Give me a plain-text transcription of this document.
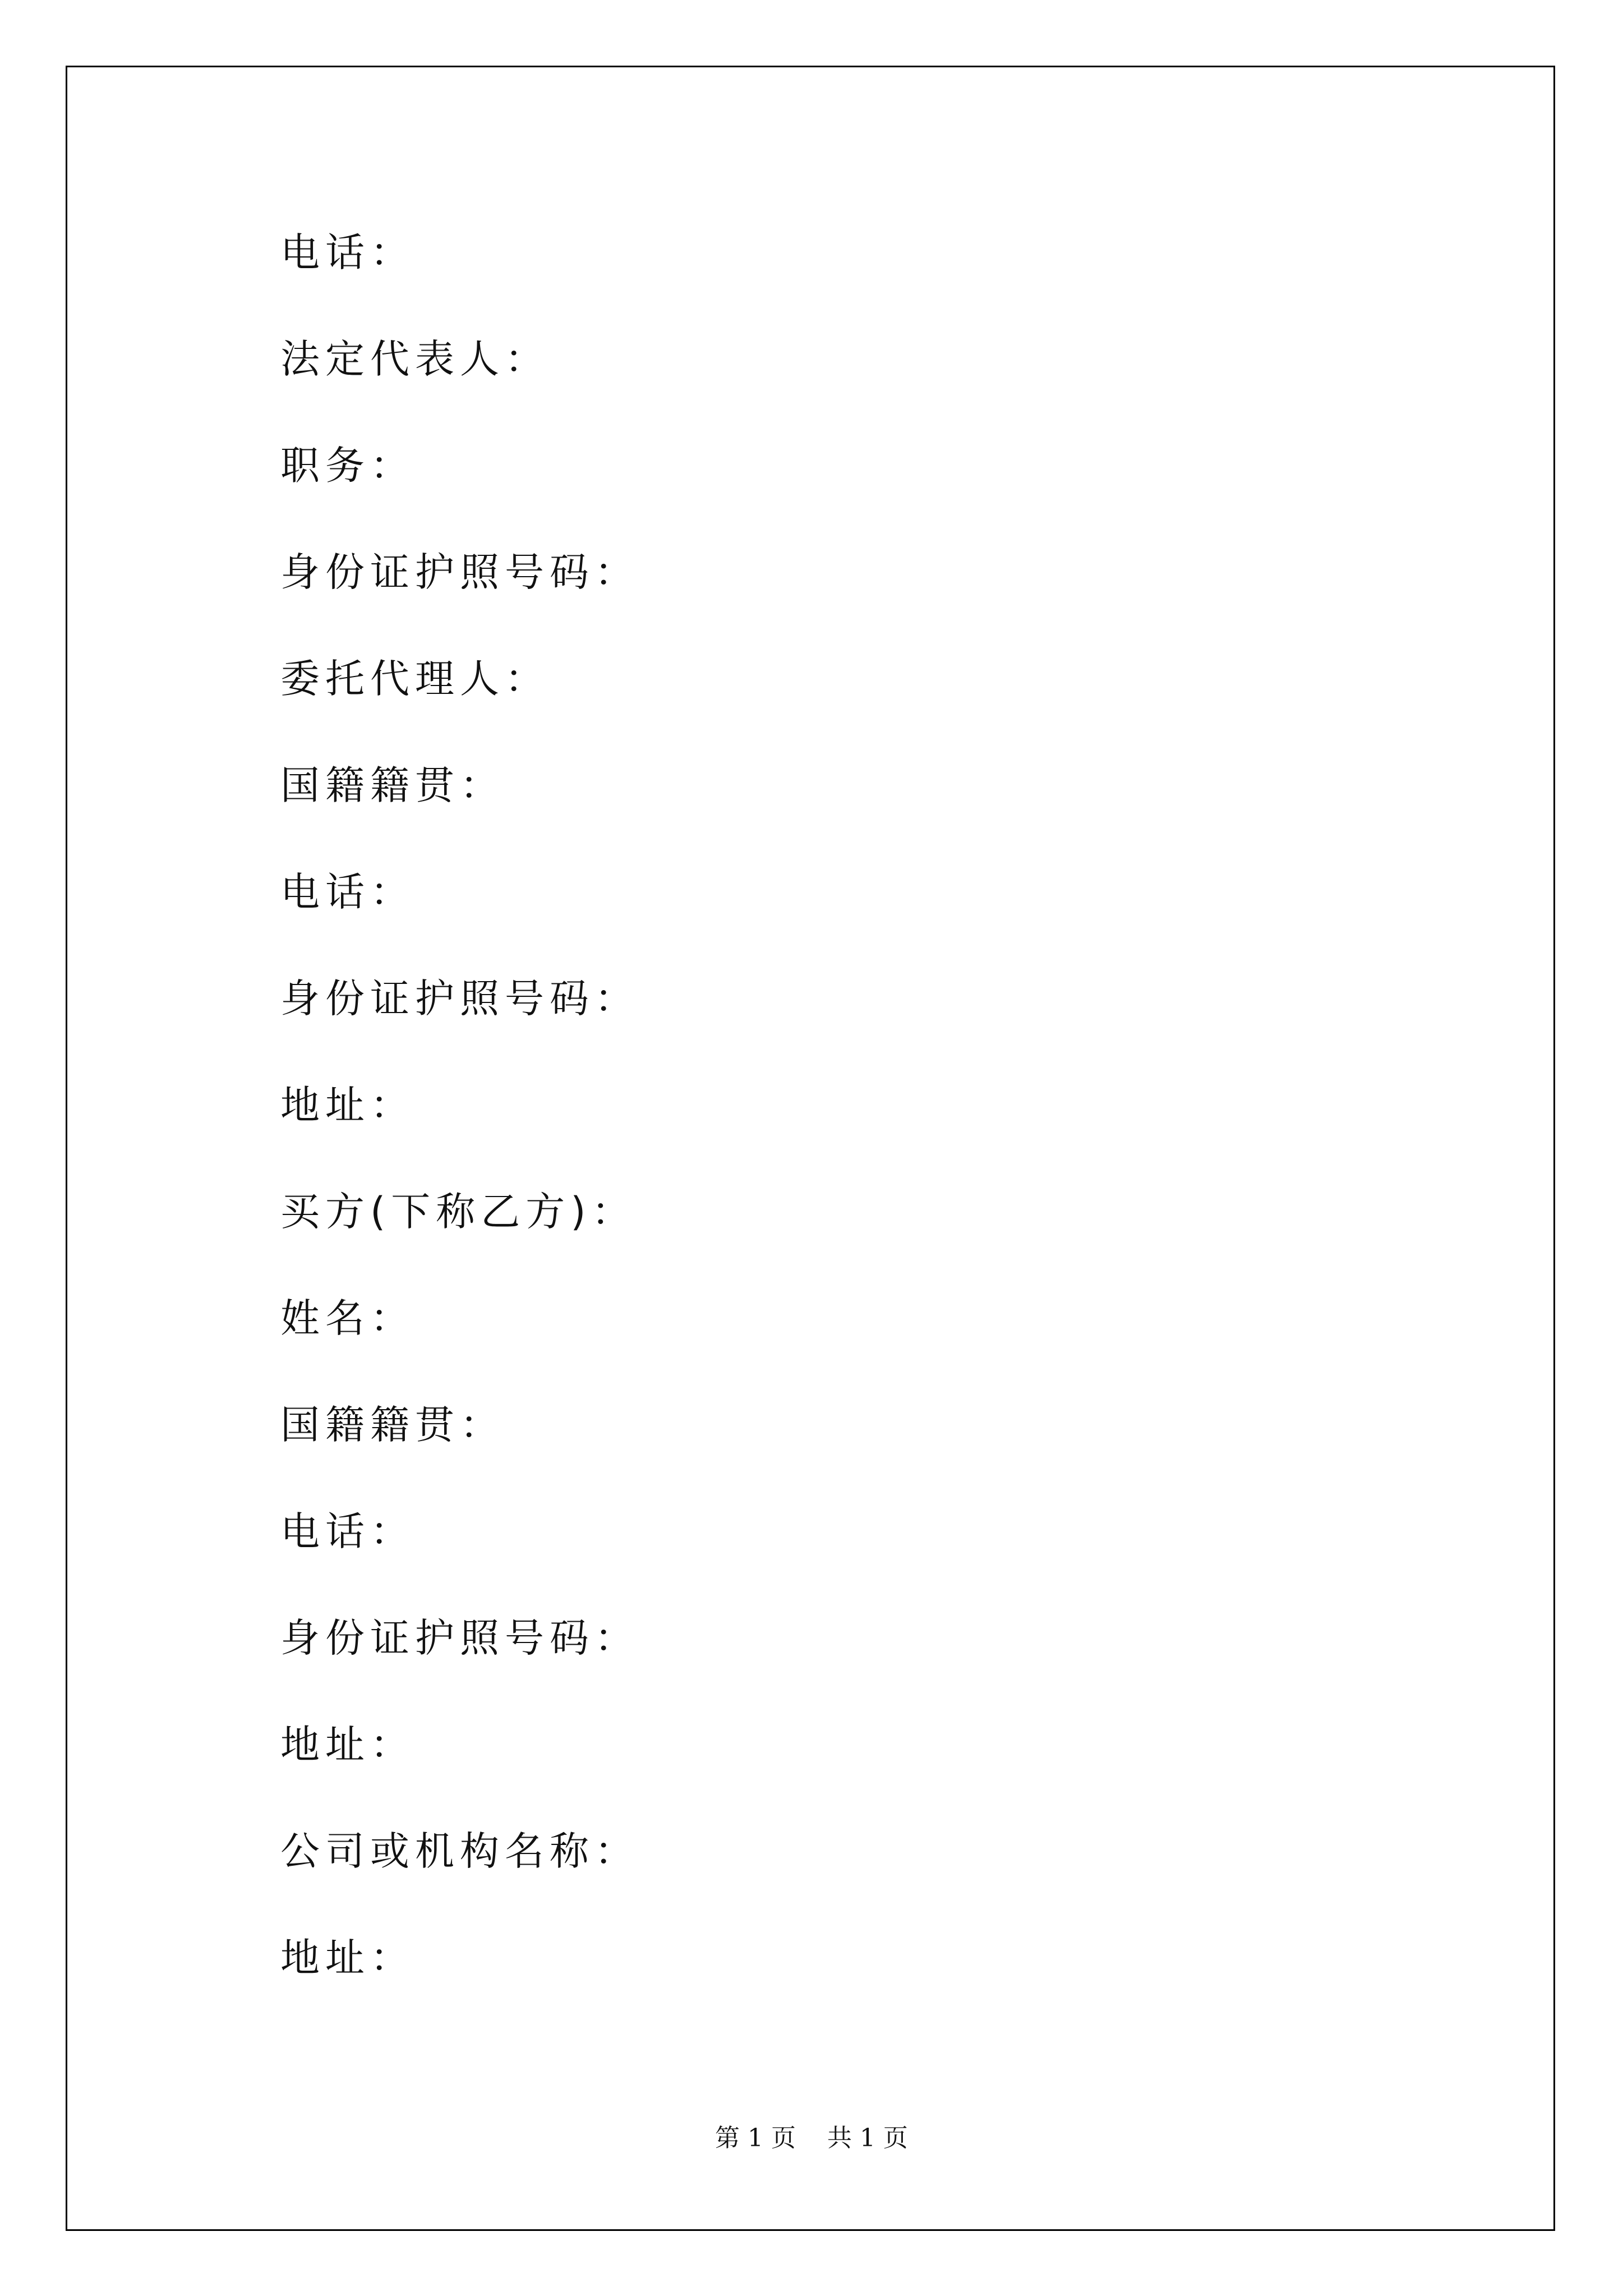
电话：
法定代表人：
职务：
身份证护照号码：
委托代理人：
国籍籍贯：
电话：
身份证护照号码：
地址：
买方(下称乙方)：
姓名：
国籍籍贯：
电话：
身份证护照号码：
地址：
公司或机构名称：
地址：
第 1 页    共 1 页
